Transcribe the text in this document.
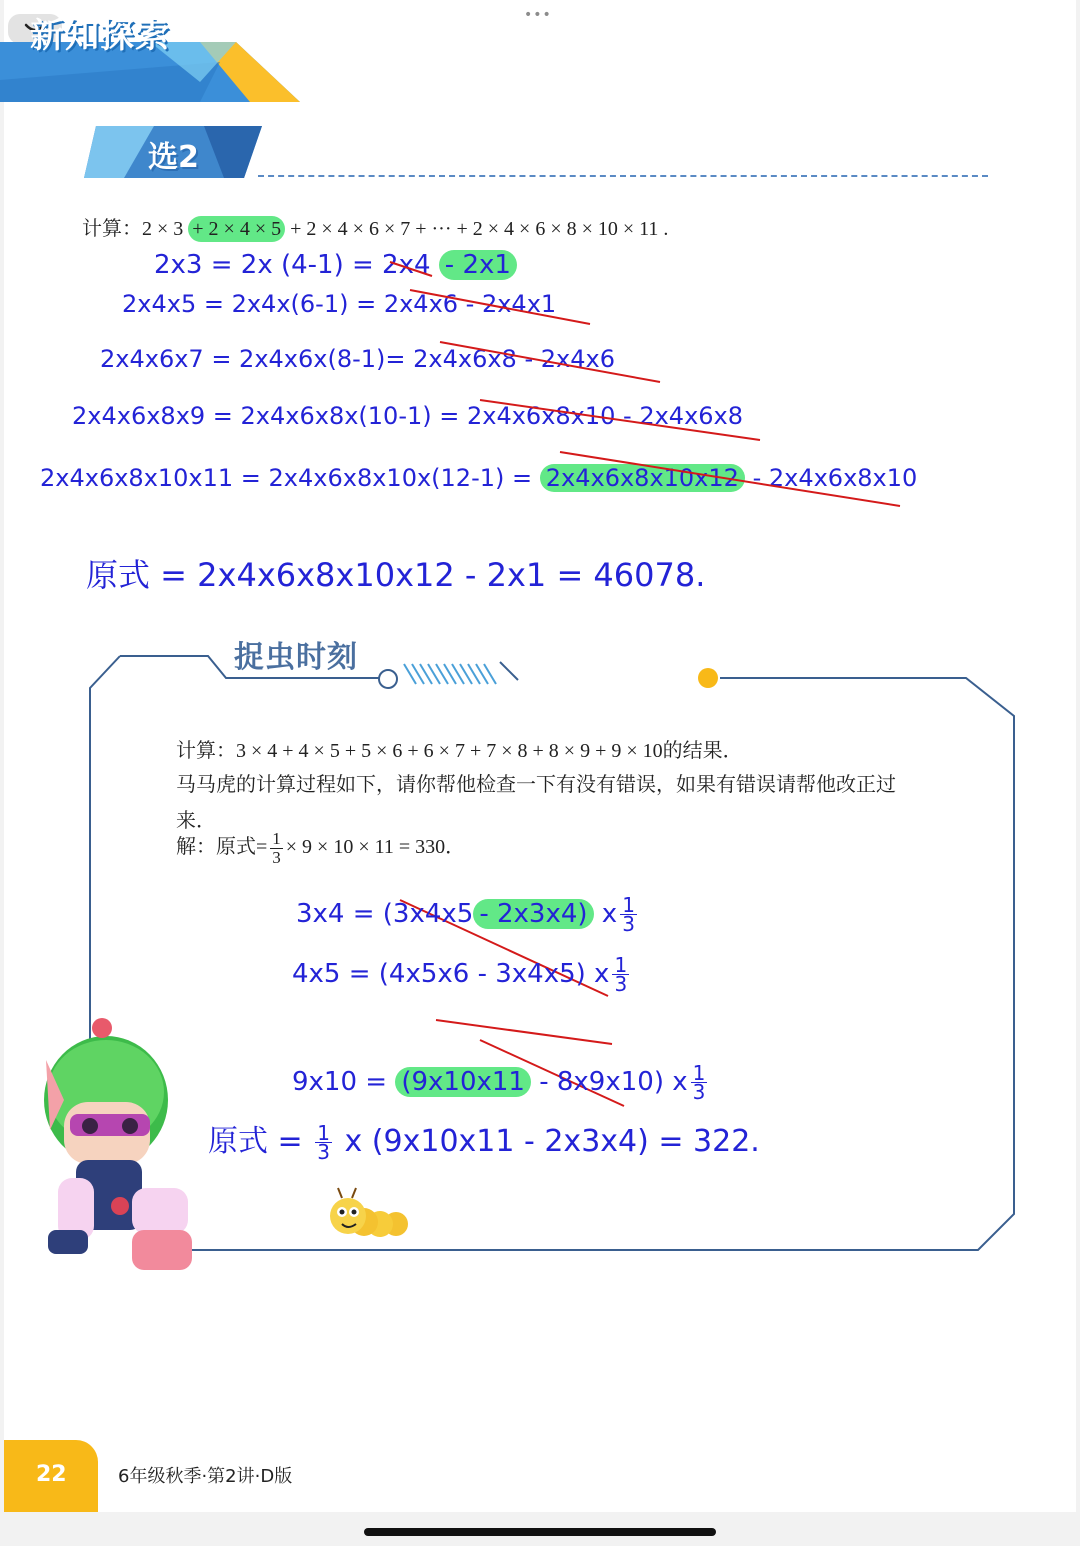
•••
新知探索
选2
计算：2 × 3 + 2 × 4 × 5 + 2 × 4 × 6 × 7 + ··· + 2 × 4 × 6 × 8 × 10 × 11 .
2x3 = 2x (4-1) = 2x4 - 2x1
2x4x5 = 2x4x(6-1) = 2x4x6 - 2x4x1
2x4x6x7 = 2x4x6x(8-1)= 2x4x6x8 - 2x4x6
2x4x6x8x9 = 2x4x6x8x(10-1) = 2x4x6x8x10 - 2x4x6x8
2x4x6x8x10x11 = 2x4x6x8x10x(12-1) = 2x4x6x8x10x12 - 2x4x6x8x10
原式 = 2x4x6x8x10x12 - 2x1 = 46078.
捉虫时刻
计算：3 × 4 + 4 × 5 + 5 × 6 + 6 × 7 + 7 × 8 + 8 × 9 + 9 × 10的结果．
马马虎的计算过程如下，请你帮他检查一下有没有错误，如果有错误请帮他改正过
来．
解：原式= $\frac{1}{3} \times 9 \times 10 \times 11 = 330$．
3x4 = (3x4x5 - 2x3x4) x $\frac{1}{3}$
4x5 = (4x5x6 - 3x4x5) x $\frac{1}{3}$
9x10 = (9x10x11 - 8x9x10) x $\frac{1}{3}$
原式 = $\frac{1}{3}$ x (9x10x11 - 2x3x4) = 322.
22	6年级秋季·第2讲·D版
